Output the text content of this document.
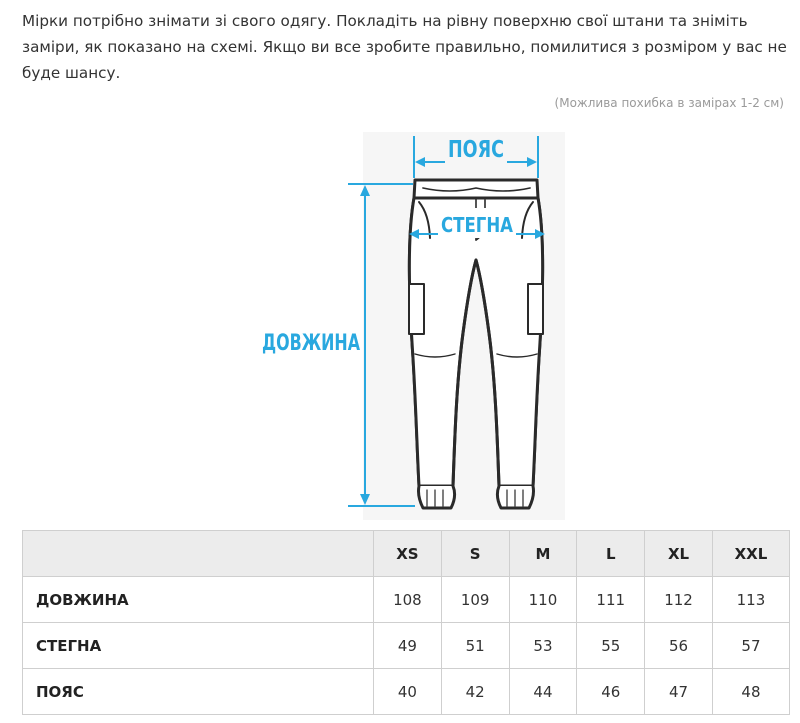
Мірки потрібно знімати зі свого одягу. Покладіть на рівну поверхню свої штани та зніміть заміри, як показано на схемі. Якщо ви все зробите правильно, помилитися з розміром у вас не буде шансу.

(Можлива похибка в замірах 1-2 см)
ПОЯС
СТЕГНА
ДОВЖИНА
	XS	S	M	L	XL	XXL
ДОВЖИНА	108	109	110	111	112	113
СТЕГНА	49	51	53	55	56	57
ПОЯС	40	42	44	46	47	48
